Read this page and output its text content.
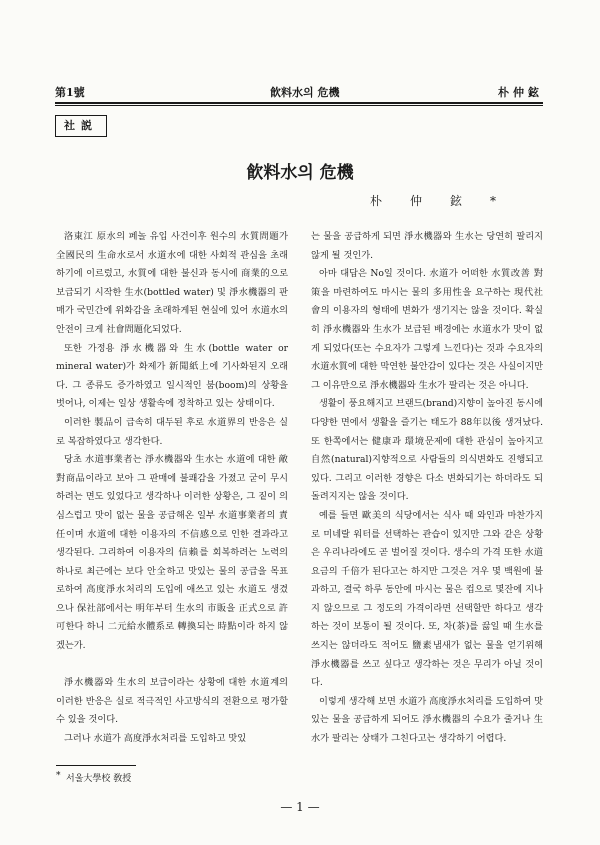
第1號	飮料水의 危機	朴仲鉉
社説
飮料水의 危機
朴仲鉉*

洛東江 原水의 페놀 유입 사건이후 원수의 水質問題가 全國民의 生命水로서 水道水에 대한 사회적 관심을 초래하기에 이르렀고, 水質에 대한 불신과 동시에 商業的으로 보급되기 시작한 生水(bottled water) 및 淨水機器의 판매가 국민간에 위화감을 초래하게된 현실에 있어 水道水의 안전이 크게 社會問題化되었다.

또한 가정용 淨水機器와 生水(bottle water or mineral water)가 화제가 新聞紙上에 기사화된지 오래다. 그 종류도 증가하였고 일시적인 붐(boom)의 상황을 벗어나, 이제는 일상 생활속에 정착하고 있는 상태이다.

이러한 製品이 급속히 대두된 후로 水道界의 반응은 실로 복잡하였다고 생각한다.

당초 水道事業者는 淨水機器와 生水는 水道에 대한 敵對商品이라고 보아 그 판매에 불쾌감을 가졌고 굳이 무시하려는 면도 있었다고 생각하나 이러한 상황은, 그 짙이 의심스럽고 맛이 없는 물을 공급해온 일부 水道事業者의 責任이며 水道에 대한 이용자의 不信感으로 인한 결과라고 생각된다. 그리하여 이용자의 信賴를 회복하려는 노력의 하나로 최근에는 보다 안全하고 맛있는 물의 공급을 목표로하여 高度淨水처리의 도입에 애쓰고 있는 水道도 생겼으나 保社部에서는 明年부터 生水의 市販을 正式으로 許可한다 하니 二元給水體系로 轉換되는 時點이라 하지 않겠는가.

淨水機器와 生水의 보급이라는 상황에 대한 水道계의 이러한 반응은 실로 적극적인 사고방식의 전환으로 평가할 수 있을 것이다.

그러나 水道가 高度淨水처리를 도입하고 맛있

는 물을 공급하게 되면 淨水機器와 生水는 당연히 팔리지 않게 될 것인가.

아마 대답은 No일 것이다. 水道가 어떠한 水質改善 對策을 마련하여도 마시는 물의 多用性을 요구하는 現代社會의 이용자의 형태에 변화가 생기지는 않을 것이다. 확실히 淨水機器와 生水가 보급된 배경에는 水道水가 맛이 없게 되었다(또는 수요자가 그렇게 느낀다)는 것과 수요자의 水道水質에 대한 막연한 불안감이 있다는 것은 사실이지만 그 이유만으로 淨水機器와 生水가 팔리는 것은 아니다.

생활이 풍요해지고 브랜드(brand)지향이 높아진 동시에 다양한 면에서 생활을 즐기는 태도가 88年以後 생겨났다. 또 한쪽에서는 健康과 環境문제에 대한 관심이 높아지고 自然(natural)지향적으로 사람들의 의식변화도 진행되고 있다. 그리고 이러한 경향은 다소 변화되기는 하더라도 되돌려지지는 않을 것이다.

예를 들면 歐美의 식당에서는 식사 때 와인과 마찬가지로 미네랄 워터를 선택하는 관습이 있지만 그와 같은 상황은 우리나라에도 곧 벌어질 것이다. 생수의 가격 또한 水道요금의 千倍가 된다고는 하지만 그것은 겨우 몇 백원에 불과하고, 결국 하루 동안에 마시는 물은 컵으로 몇잔에 지나지 않으므로 그 정도의 가격이라면 선택할만 하다고 생각하는 것이 보통이 될 것이다. 또, 차(茶)를 끓일 때 生水를 쓰지는 않더라도 적어도 鹽素냄새가 없는 물을 얻기위해 淨水機器를 쓰고 싶다고 생각하는 것은 무리가 아닐 것이다.

이렇게 생각해 보면 水道가 高度淨水처리를 도입하여 맛있는 물을 공급하게 되어도 淨水機器의 수요가 줄거나 生水가 팔리는 상태가 그친다고는 생각하기 어렵다.

* 서울大學校 敎授
— 1 —
